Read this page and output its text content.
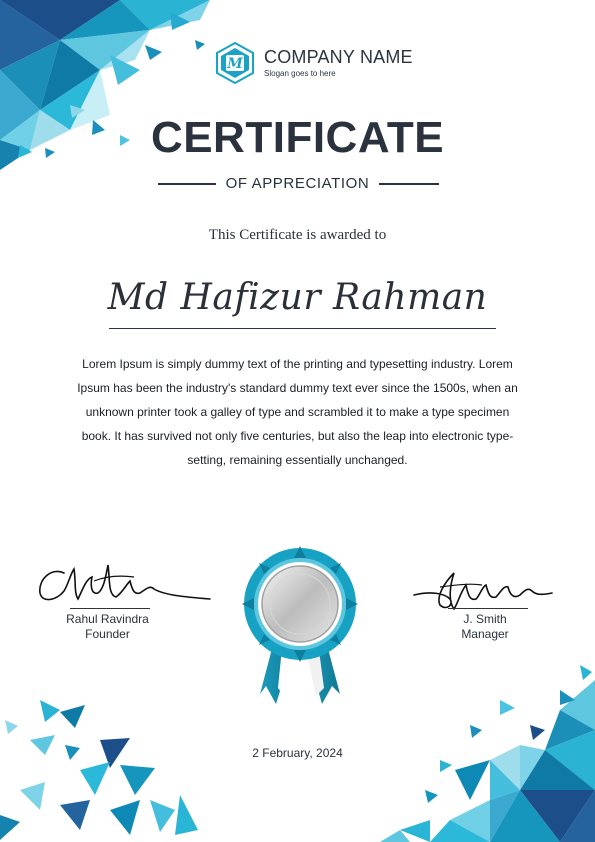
M COMPANY NAME
Slogan goes to here
CERTIFICATE
OF APPRECIATION
This Certificate is awarded to
Md Hafizur Rahman
Lorem Ipsum is simply dummy text of the printing and typesetting industry. Lorem Ipsum has been the industry's standard dummy text ever since the 1500s, when an unknown printer took a galley of type and scrambled it to make a type specimen book. It has survived not only five centuries, but also the leap into electronic type-setting, remaining essentially unchanged.
Rahul Ravindra
Founder
J. Smith
Manager
2 February, 2024
